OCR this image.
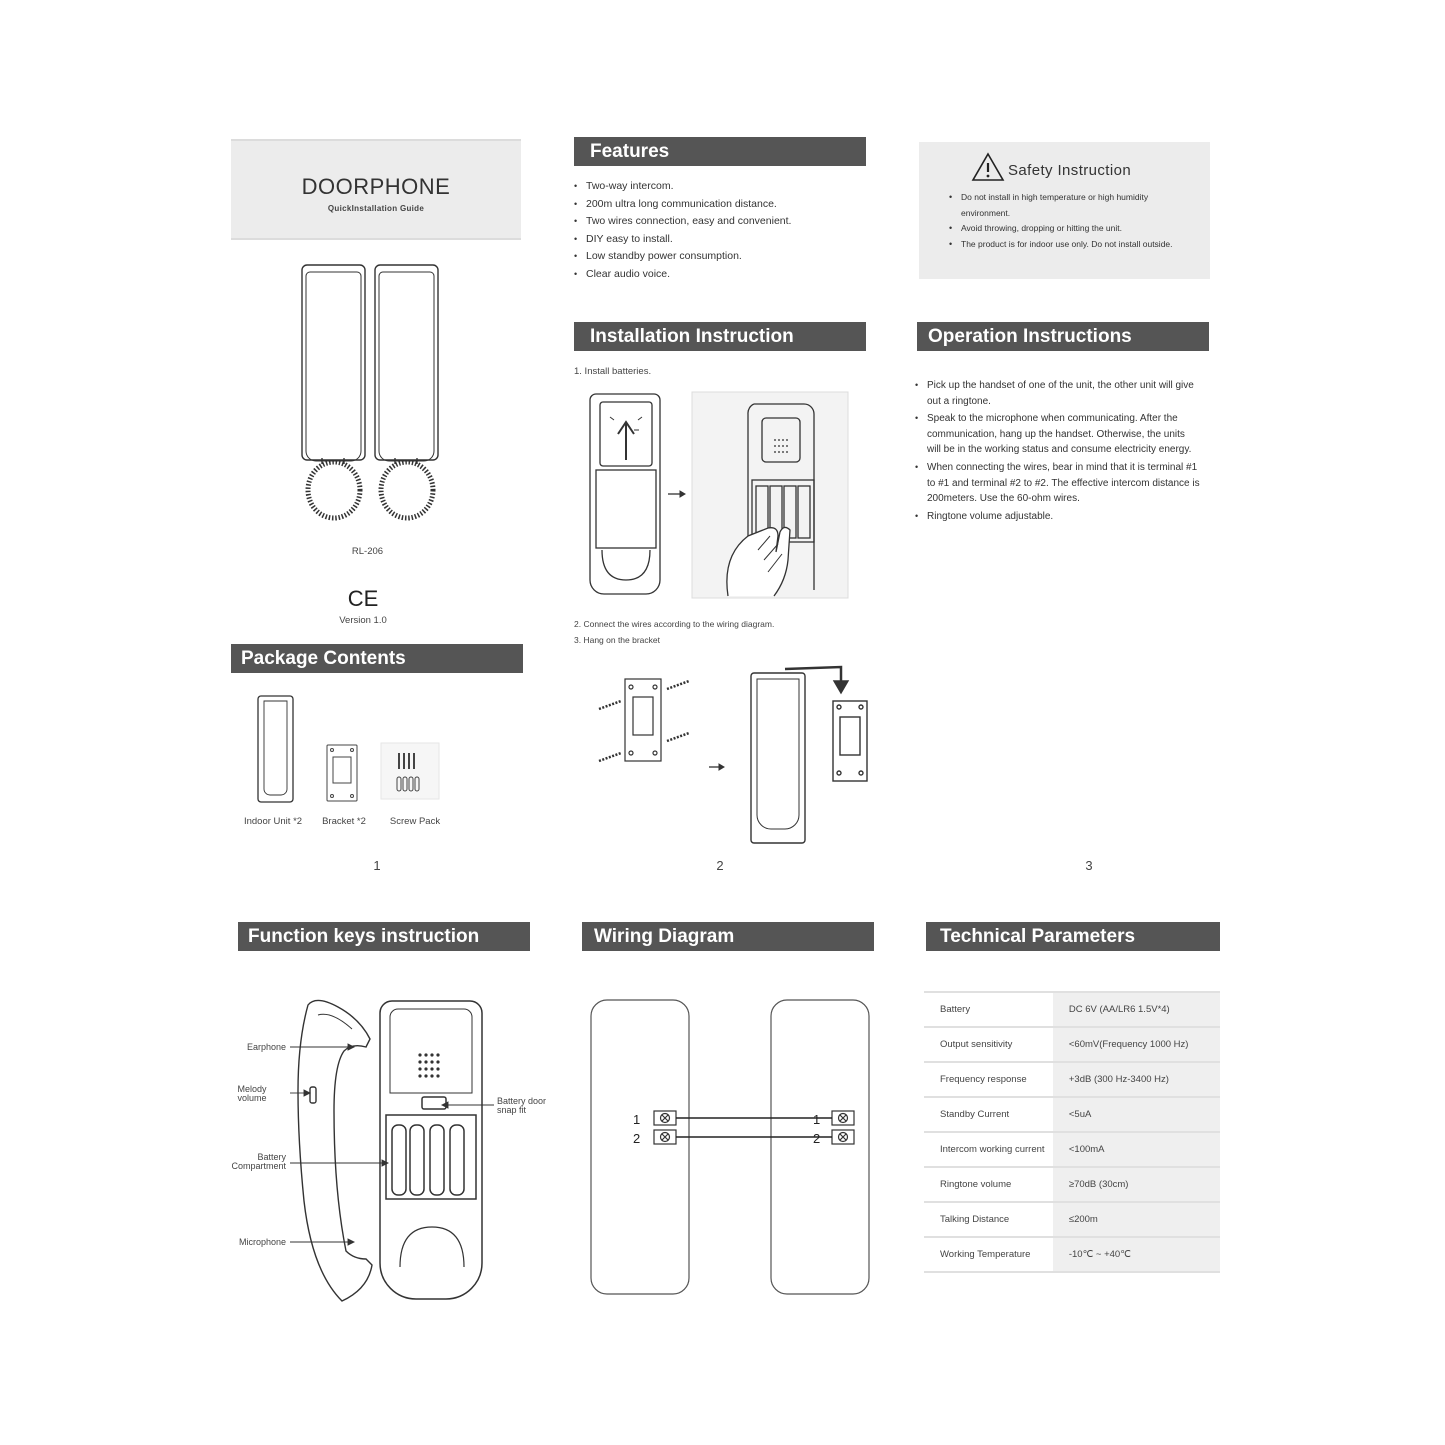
DOORPHONE
QuickInstallation Guide
RL-206
CE
Version 1.0
Package Contents
Indoor Unit *2	Bracket *2	Screw Pack
1
Features
• Two-way intercom.
• 200m ultra long communication distance.
• Two wires connection, easy and convenient.
• DIY easy to install.
• Low standby power consumption.
• Clear audio voice.
Installation Instruction
1. Install batteries.
2. Connect the wires according to the wiring diagram.
3. Hang on the bracket
2
Safety Instruction
• Do not install in high temperature or high humidity environment.
• Avoid throwing, dropping or hitting the unit.
• The product is for indoor use only. Do not install outside.
Operation Instructions
• Pick up the handset of one of the unit, the other unit will give out a ringtone.
• Speak to the microphone when communicating. After the communication, hang up the handset. Otherwise, the units will be in the working status and consume electricity energy.
• When connecting the wires, bear in mind that it is terminal #1 to #1 and terminal #2 to #2. The effective intercom distance is 200meters. Use the 60-ohm wires.
• Ringtone volume adjustable.
3
Function keys instruction
Earphone
Melody volume
Battery Compartment
Microphone
Battery door snap fit
Wiring Diagram
1
2
1
2
Technical Parameters
Battery	DC 6V (AA/LR6 1.5V*4)
Output sensitivity	<60mV(Frequency 1000 Hz)
Frequency response	+3dB (300 Hz-3400 Hz)
Standby Current	<5uA
Intercom working current	<100mA
Ringtone volume	≥70dB (30cm)
Talking Distance	≤200m
Working Temperature	-10℃ ~ +40℃
